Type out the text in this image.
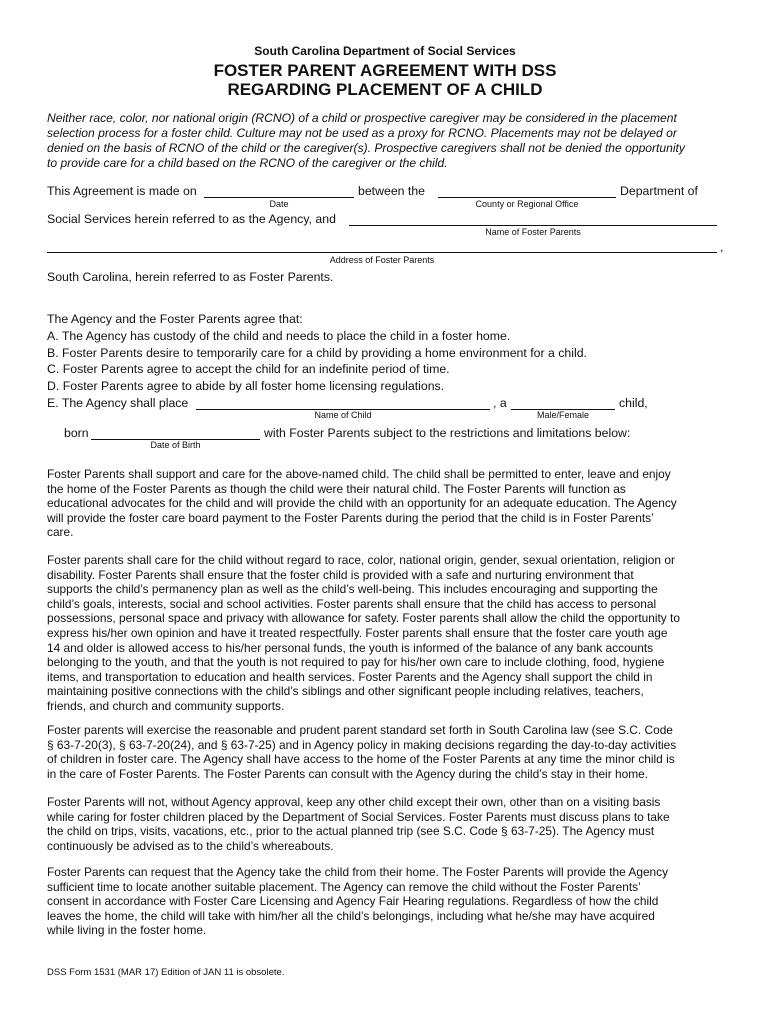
South Carolina Department of Social Services
FOSTER PARENT AGREEMENT WITH DSS
REGARDING PLACEMENT OF A CHILD
Neither race, color, nor national origin (RCNO) of a child or prospective caregiver may be considered in the placement
selection process for a foster child. Culture may not be used as a proxy for RCNO. Placements may not be delayed or
denied on the basis of RCNO of the child or the caregiver(s). Prospective caregivers shall not be denied the opportunity
to provide care for a child based on the RCNO of the caregiver or the child.
This Agreement is made on
Date
between the
County or Regional Office
Department of
Social Services herein referred to as the Agency, and
Name of Foster Parents
,
Address of Foster Parents
South Carolina, herein referred to as Foster Parents.
The Agency and the Foster Parents agree that:
A. The Agency has custody of the child and needs to place the child in a foster home.
B. Foster Parents desire to temporarily care for a child by providing a home environment for a child.
C. Foster Parents agree to accept the child for an indefinite period of time.
D. Foster Parents agree to abide by all foster home licensing regulations.
E. The Agency shall place
Name of Child
, a
Male/Female
child,
born
Date of Birth
with Foster Parents subject to the restrictions and limitations below:
Foster Parents shall support and care for the above-named child. The child shall be permitted to enter, leave and enjoy
the home of the Foster Parents as though the child were their natural child. The Foster Parents will function as
educational advocates for the child and will provide the child with an opportunity for an adequate education. The Agency
will provide the foster care board payment to the Foster Parents during the period that the child is in Foster Parents’
care.
Foster parents shall care for the child without regard to race, color, national origin, gender, sexual orientation, religion or
disability. Foster Parents shall ensure that the foster child is provided with a safe and nurturing environment that
supports the child’s permanency plan as well as the child’s well-being. This includes encouraging and supporting the
child’s goals, interests, social and school activities. Foster parents shall ensure that the child has access to personal
possessions, personal space and privacy with allowance for safety. Foster parents shall allow the child the opportunity to
express his/her own opinion and have it treated respectfully. Foster parents shall ensure that the foster care youth age
14 and older is allowed access to his/her personal funds, the youth is informed of the balance of any bank accounts
belonging to the youth, and that the youth is not required to pay for his/her own care to include clothing, food, hygiene
items, and transportation to education and health services. Foster Parents and the Agency shall support the child in
maintaining positive connections with the child’s siblings and other significant people including relatives, teachers,
friends, and church and community supports.
Foster parents will exercise the reasonable and prudent parent standard set forth in South Carolina law (see S.C. Code
§ 63-7-20(3), § 63-7-20(24), and § 63-7-25) and in Agency policy in making decisions regarding the day-to-day activities
of children in foster care. The Agency shall have access to the home of the Foster Parents at any time the minor child is
in the care of Foster Parents. The Foster Parents can consult with the Agency during the child’s stay in their home.
Foster Parents will not, without Agency approval, keep any other child except their own, other than on a visiting basis
while caring for foster children placed by the Department of Social Services. Foster Parents must discuss plans to take
the child on trips, visits, vacations, etc., prior to the actual planned trip (see S.C. Code § 63-7-25). The Agency must
continuously be advised as to the child’s whereabouts.
Foster Parents can request that the Agency take the child from their home. The Foster Parents will provide the Agency
sufficient time to locate another suitable placement. The Agency can remove the child without the Foster Parents’
consent in accordance with Foster Care Licensing and Agency Fair Hearing regulations. Regardless of how the child
leaves the home, the child will take with him/her all the child’s belongings, including what he/she may have acquired
while living in the foster home.
DSS Form 1531 (MAR 17) Edition of JAN 11 is obsolete.
